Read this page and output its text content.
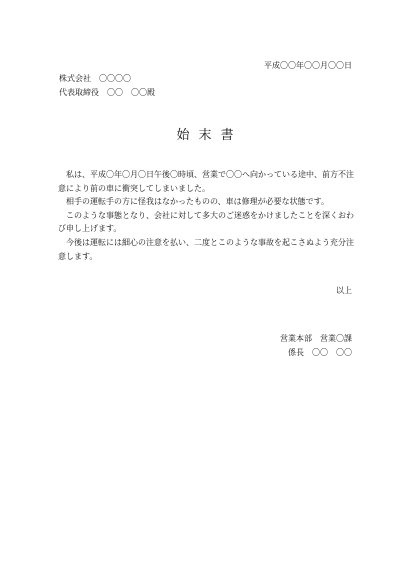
平成〇〇年〇〇月〇〇日
株式会社　〇〇〇〇
代表取締役　〇〇　〇〇殿
始末書

私は、平成〇年〇月〇日午後〇時頃、営業で〇〇へ向かっている途中、前方不注意により前の車に衝突してしまいました。

相手の運転手の方に怪我はなかったものの、車は修理が必要な状態です。

このような事態となり、会社に対して多大のご迷惑をかけましたことを深くおわび申し上げます。

今後は運転には細心の注意を払い、二度とこのような事故を起こさぬよう充分注意します。

以上
営業本部　営業〇課
係長　〇〇　〇〇
